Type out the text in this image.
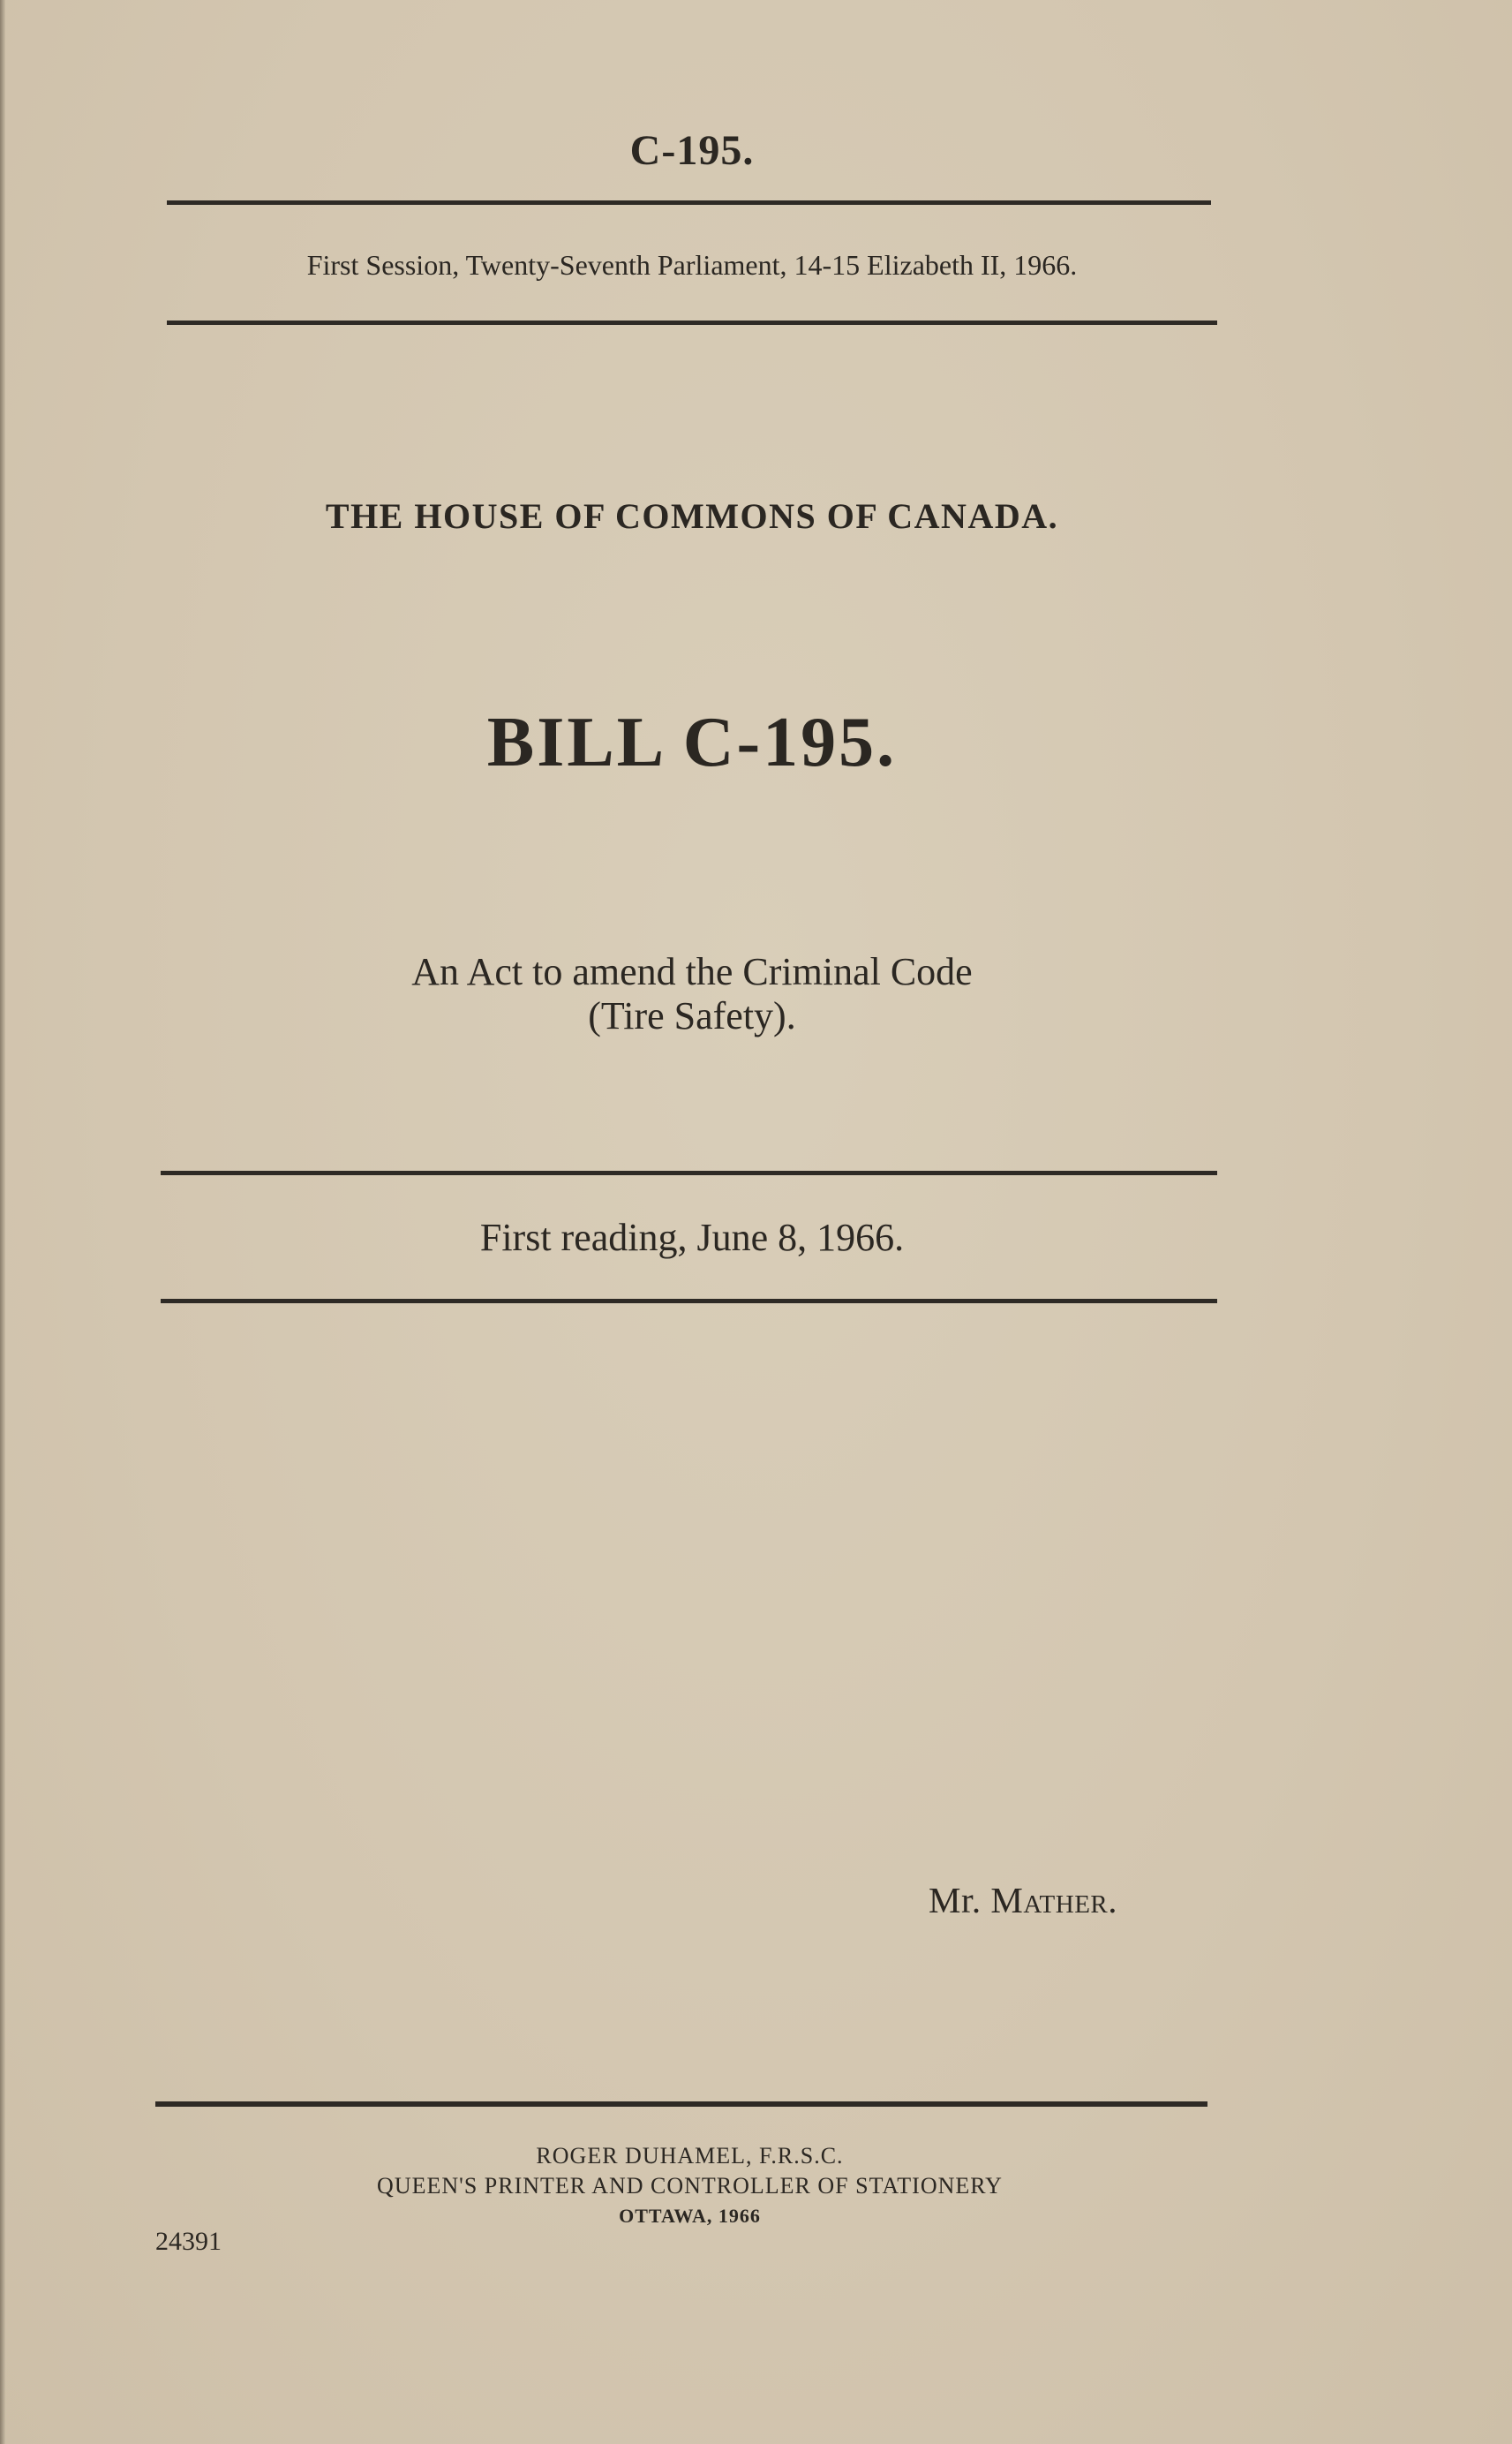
C-195.

First Session, Twenty-Seventh Parliament, 14-15 Elizabeth II, 1966.

THE HOUSE OF COMMONS OF CANADA.

BILL C-195.

An Act to amend the Criminal Code
(Tire Safety).

First reading, June 8, 1966.

Mr. Mather.

ROGER DUHAMEL, F.R.S.C.
QUEEN'S PRINTER AND CONTROLLER OF STATIONERY
OTTAWA, 1966

24391
